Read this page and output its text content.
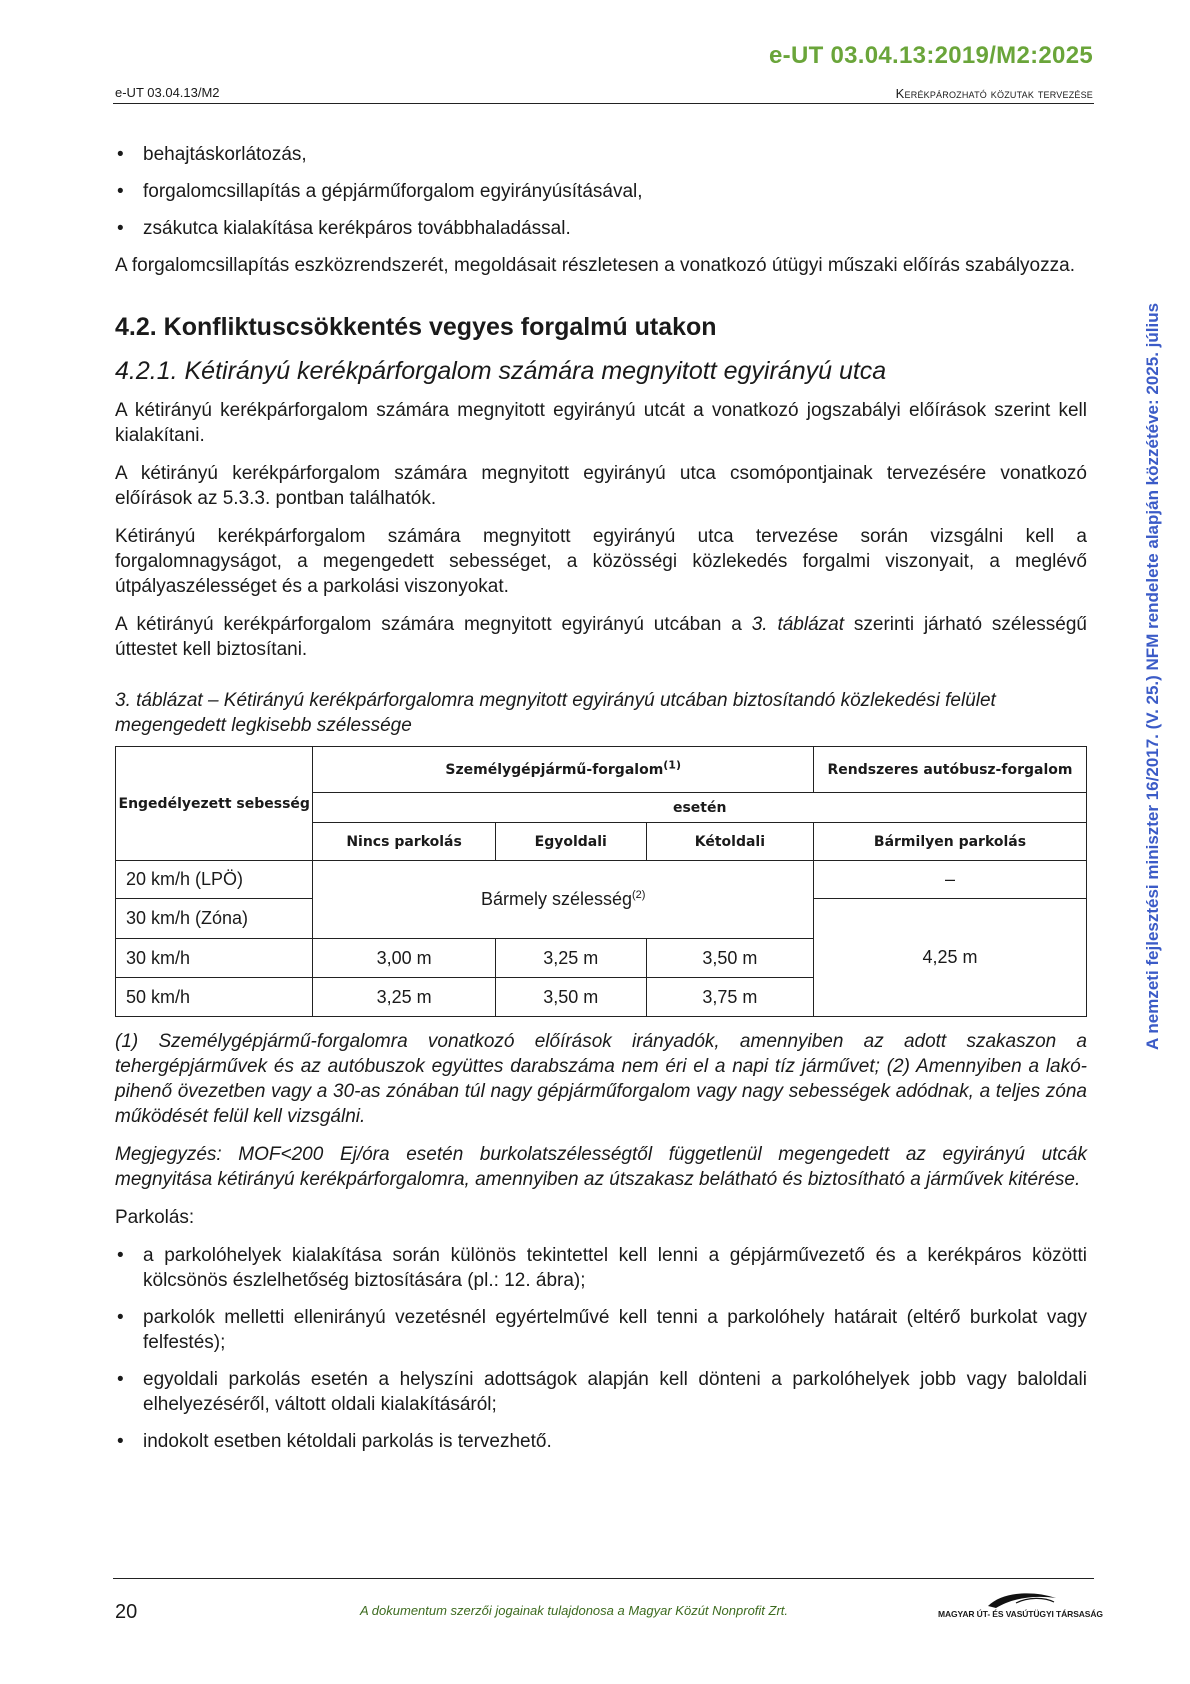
e-UT 03.04.13:2019/M2:2025
e-UT 03.04.13/M2	Kerékpározható közutak tervezése
A nemzeti fejlesztési miniszter 16/2017. (V. 25.) NFM rendelete alapján közzétéve: 2025. július
• behajtáskorlátozás,
• forgalomcsillapítás a gépjárműforgalom egyirányúsításával,
• zsákutca kialakítása kerékpáros továbbhaladással.

A forgalomcsillapítás eszközrendszerét, megoldásait részletesen a vonatkozó útügyi műszaki előírás szabályozza.

4.2. Konfliktuscsökkentés vegyes forgalmú utakon
4.2.1. Kétirányú kerékpárforgalom számára megnyitott egyirányú utca

A kétirányú kerékpárforgalom számára megnyitott egyirányú utcát a vonatkozó jogszabályi előírások szerint kell kialakítani.

A kétirányú kerékpárforgalom számára megnyitott egyirányú utca csomópontjainak tervezésére vonatkozó előírások az 5.3.3. pontban találhatók.

Kétirányú kerékpárforgalom számára megnyitott egyirányú utca tervezése során vizsgálni kell a forgalomnagyságot, a megengedett sebességet, a közösségi közlekedés forgalmi viszonyait, a meglévő útpályaszélességet és a parkolási viszonyokat.

A kétirányú kerékpárforgalom számára megnyitott egyirányú utcában a 3. táblázat szerinti járható szélességű úttestet kell biztosítani.

3. táblázat – Kétirányú kerékpárforgalomra megnyitott egyirányú utcában biztosítandó közlekedési felület megengedett legkisebb szélessége
Engedélyezett sebesség	Személygépjármű-forgalom$^{(1)}$			Rendszeres autóbusz-forgalom
	esetén			
	Nincs parkolás	Egyoldali	Kétoldali	Bármilyen parkolás
20 km/h (LPÖ)	Bármely szélesség$^{(2)}$			–
30 km/h (Zóna)				4,25 m
30 km/h	3,00 m	3,25 m	3,50 m	
50 km/h	3,25 m	3,50 m	3,75 m	

(1) Személygépjármű-forgalomra vonatkozó előírások irányadók, amennyiben az adott szakaszon a tehergépjárművek és az autóbuszok együttes darabszáma nem éri el a napi tíz járművet; (2) Amennyiben a lakó-pihenő övezetben vagy a 30-as zónában túl nagy gépjárműforgalom vagy nagy sebességek adódnak, a teljes zóna működését felül kell vizsgálni.

Megjegyzés: MOF<200 Ej/óra esetén burkolatszélességtől függetlenül megengedett az egyirányú utcák megnyitása kétirányú kerékpárforgalomra, amennyiben az útszakasz belátható és biztosítható a járművek kitérése.

Parkolás:

• a parkolóhelyek kialakítása során különös tekintettel kell lenni a gépjárművezető és a kerékpáros közötti kölcsönös észlelhetőség biztosítására (pl.: 12. ábra);
• parkolók melletti ellenirányú vezetésnél egyértelművé kell tenni a parkolóhely határait (eltérő burkolat vagy felfestés);
• egyoldali parkolás esetén a helyszíni adottságok alapján kell dönteni a parkolóhelyek jobb vagy baloldali elhelyezéséről, váltott oldali kialakításáról;
• indokolt esetben kétoldali parkolás is tervezhető.
20	A dokumentum szerzői jogainak tulajdonosa a Magyar Közút Nonprofit Zrt.	MAGYAR ÚT- ÉS VASÚTÜGYI TÁRSASÁG
